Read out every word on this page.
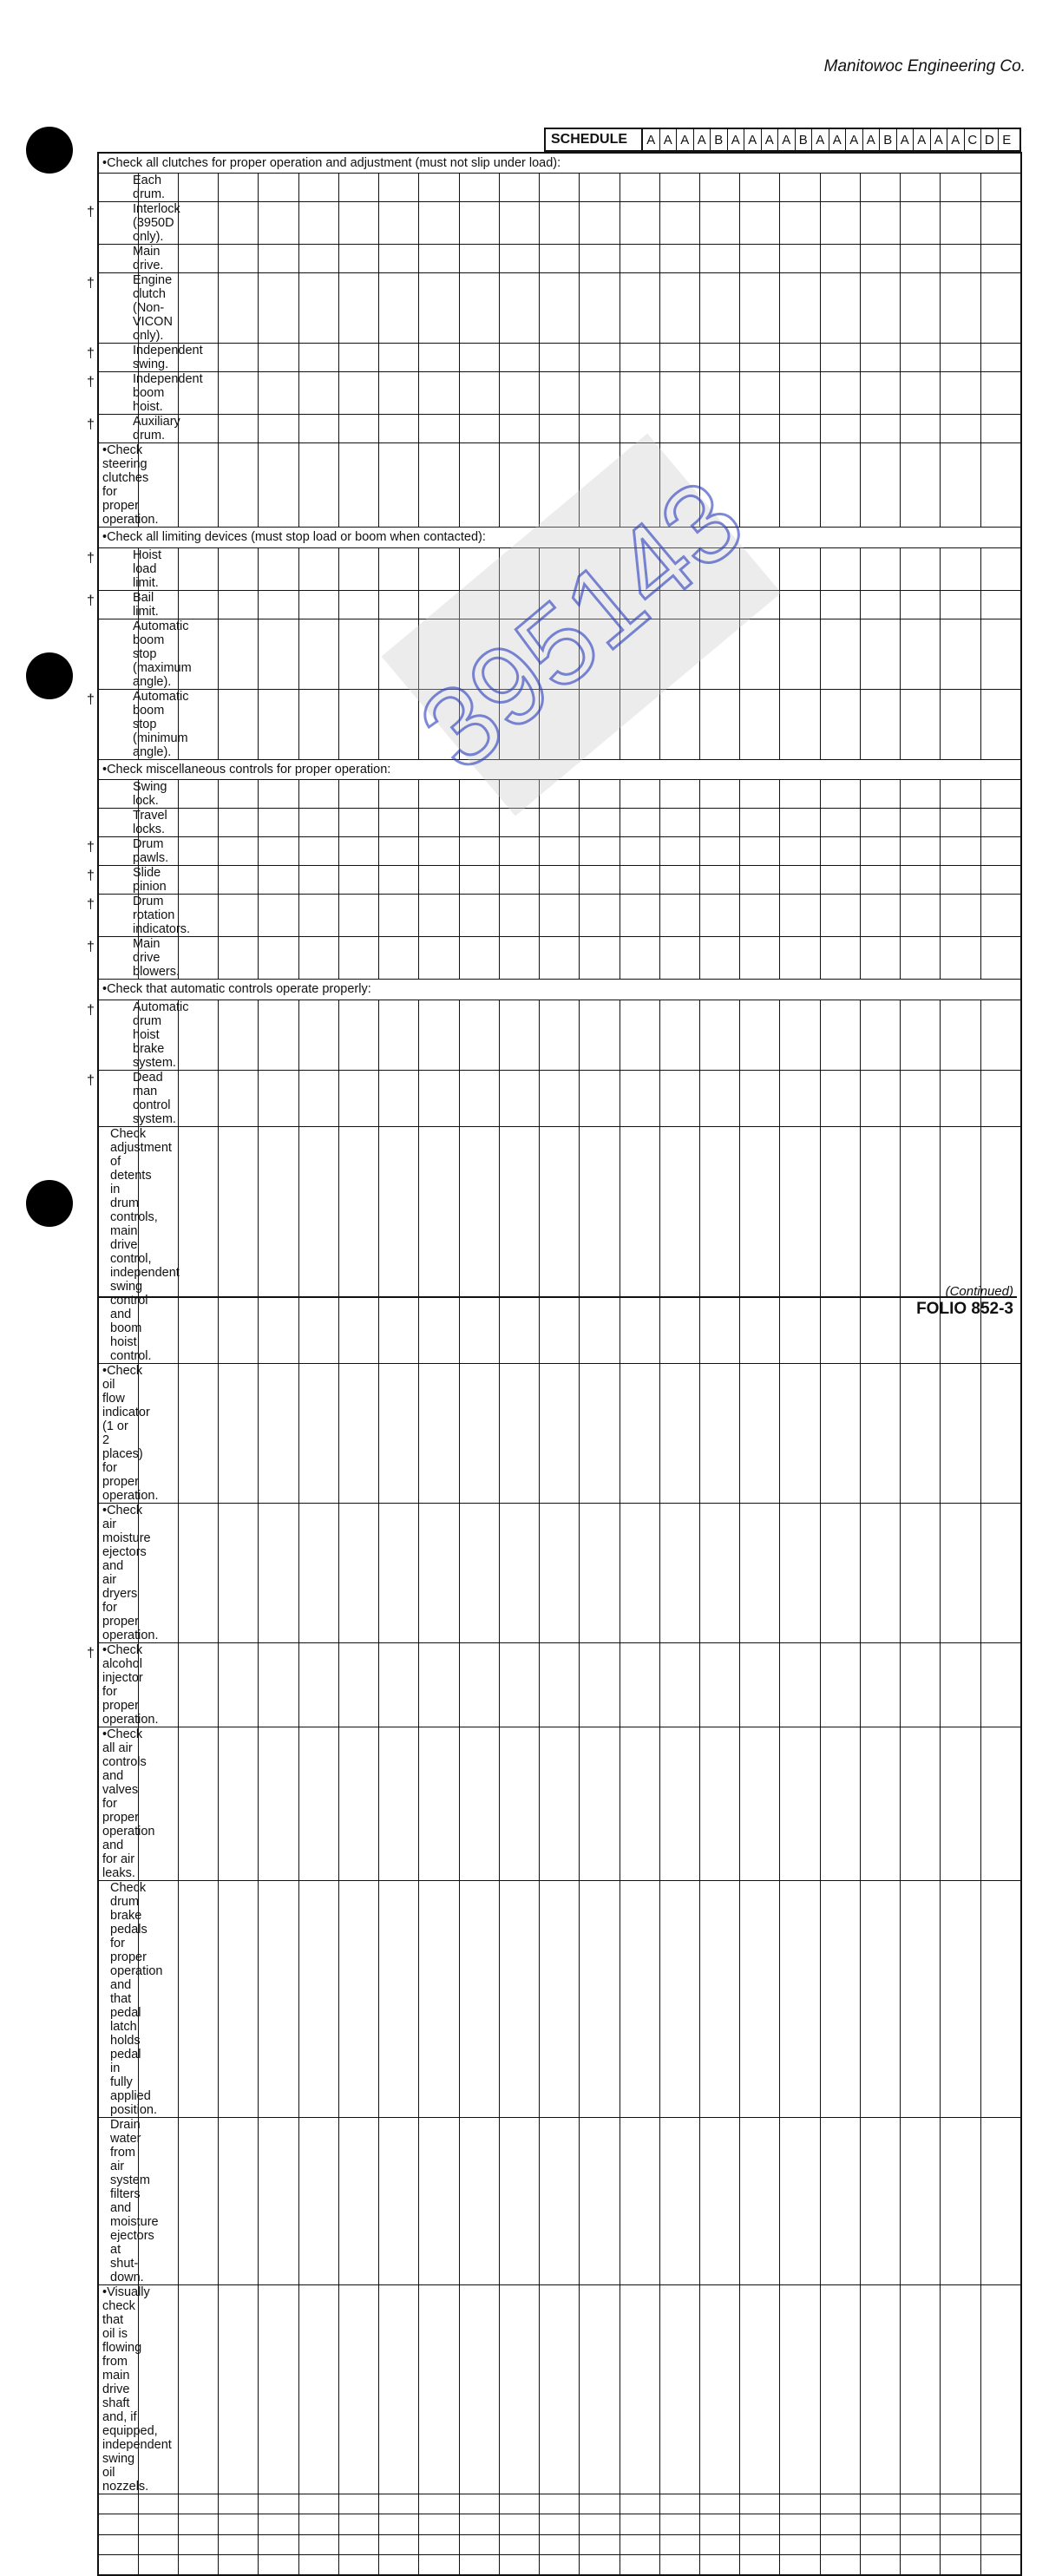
Manitowoc Engineering Co.
SCHEDULE	A A A A B A A A A B A A A A B A A A A C D E
•Check all clutches for proper operation and adjustment (must not slip under load):																						

Each drum.																						

† Interlock (3950D only).																						

Main drive.																						

† Engine clutch (Non-VICON only).																						

† Independent swing.																						

† Independent boom hoist.																						

† Auxiliary drum.																						

•Check steering clutches for proper operation.																						

•Check all limiting devices (must stop load or boom when contacted):																						

† Hoist load limit.																						

† Bail limit.																						

Automatic boom stop (maximum angle).																						

† Automatic boom stop (minimum angle).																						

•Check miscellaneous controls for proper operation:																						

Swing lock.																						

Travel locks.																						

† Drum pawls.																						

† Slide pinion																						

† Drum rotation indicators.																						

† Main drive blowers.																						

•Check that automatic controls operate properly:																						

† Automatic drum hoist brake system.																						

† Dead man control system.																						

Check adjustment of detents in drum controls, main drive control, independent swing control and boom hoist control.																						

•Check oil flow indicator (1 or 2 places) for proper operation.																						

•Check air moisture ejectors and air dryers for proper operation.																						

† •Check alcohol injector for proper operation.																						

•Check all air controls and valves for proper operation and for air leaks.																						

Check drum brake pedals for proper operation and that pedal latch holds pedal in fully applied position.																						

Drain water from air system filters and moisture ejectors at shut-down.																						

•Visually check that oil is flowing from main drive shaft and, if equipped, independent swing oil nozzels.																						

395143
(Continued)
FOLIO 852-3
